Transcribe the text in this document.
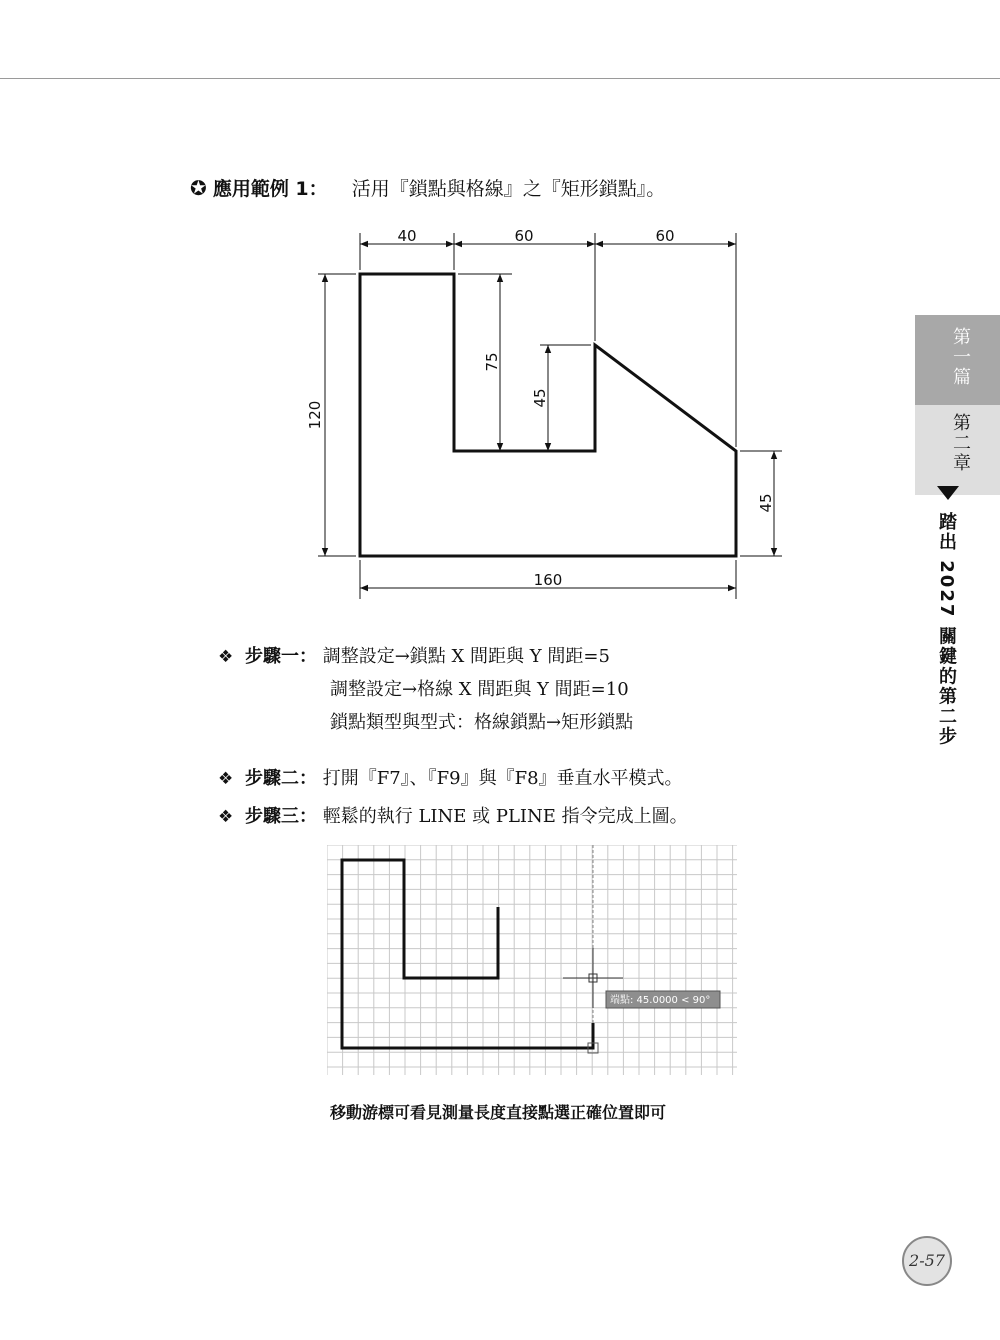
✪ 應用範例 1： 活用『鎖點與格線』之『矩形鎖點』。
40	60	60
160
120
75
45
45
❖ 步驟一： 調整設定→鎖點 X 間距與 Y 間距=5
調整設定→格線 X 間距與 Y 間距=10
鎖點類型與型式：格線鎖點→矩形鎖點
❖ 步驟二： 打開『F7』、『F9』與『F8』垂直水平模式。
❖ 步驟三： 輕鬆的執行 LINE 或 PLINE 指令完成上圖。
端點: 45.0000 < 90°
移動游標可看見測量長度直接點選正確位置即可
第一篇
第二章
踏出 2027 關鍵的第二步
2-57
